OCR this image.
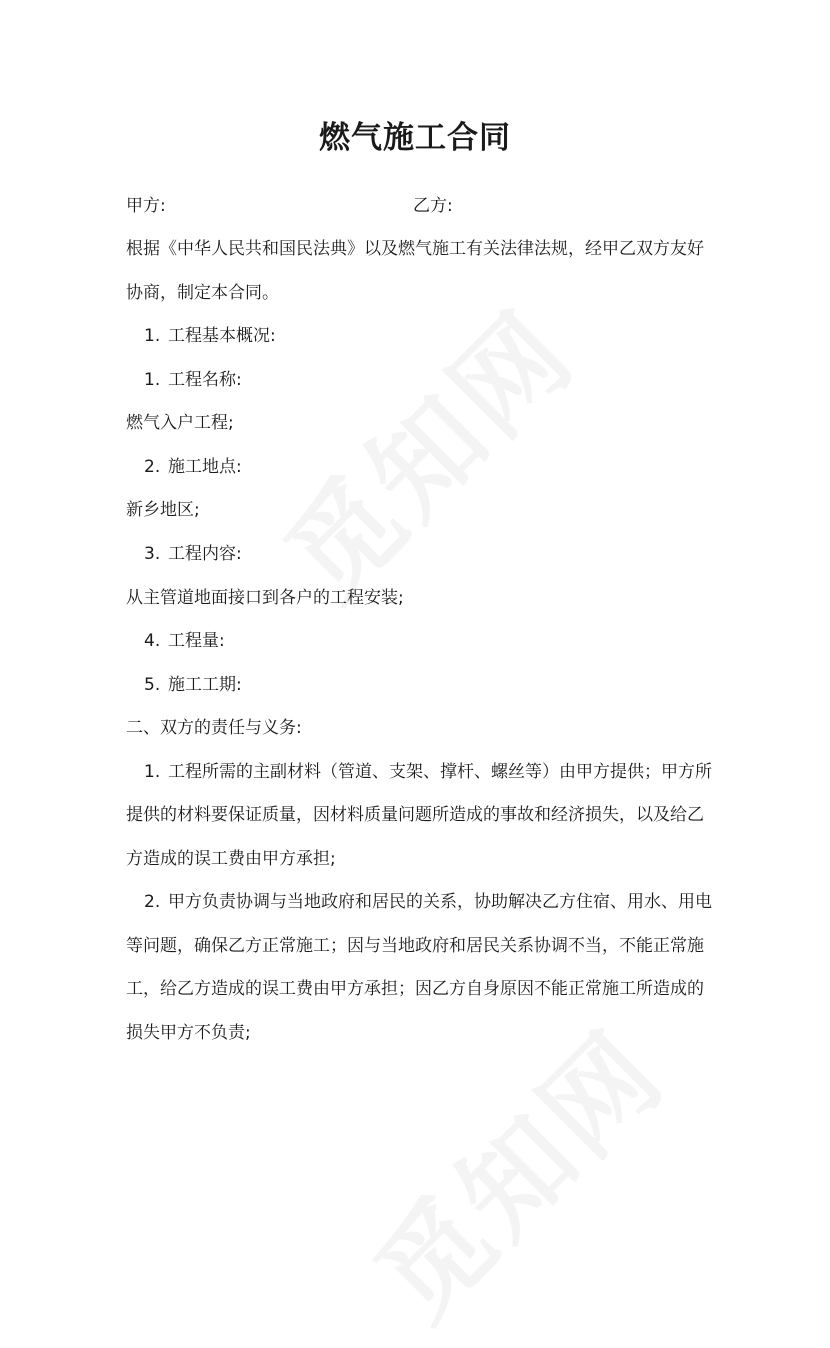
燃气施工合同
甲方:	乙方:
根据《中华人民共和国民法典》以及燃气施工有关法律法规，经甲乙双方友好
协商，制定本合同。
1. 工程基本概况:
1. 工程名称:
燃气入户工程;
2. 施工地点:
新乡地区;
3. 工程内容:
从主管道地面接口到各户的工程安装;
4. 工程量:
5. 施工工期:
二、双方的责任与义务:
1. 工程所需的主副材料（管道、支架、撑杆、螺丝等）由甲方提供；甲方所
提供的材料要保证质量，因材料质量问题所造成的事故和经济损失，以及给乙
方造成的误工费由甲方承担;
2. 甲方负责协调与当地政府和居民的关系，协助解决乙方住宿、用水、用电
等问题，确保乙方正常施工；因与当地政府和居民关系协调不当，不能正常施
工，给乙方造成的误工费由甲方承担；因乙方自身原因不能正常施工所造成的
损失甲方不负责;
